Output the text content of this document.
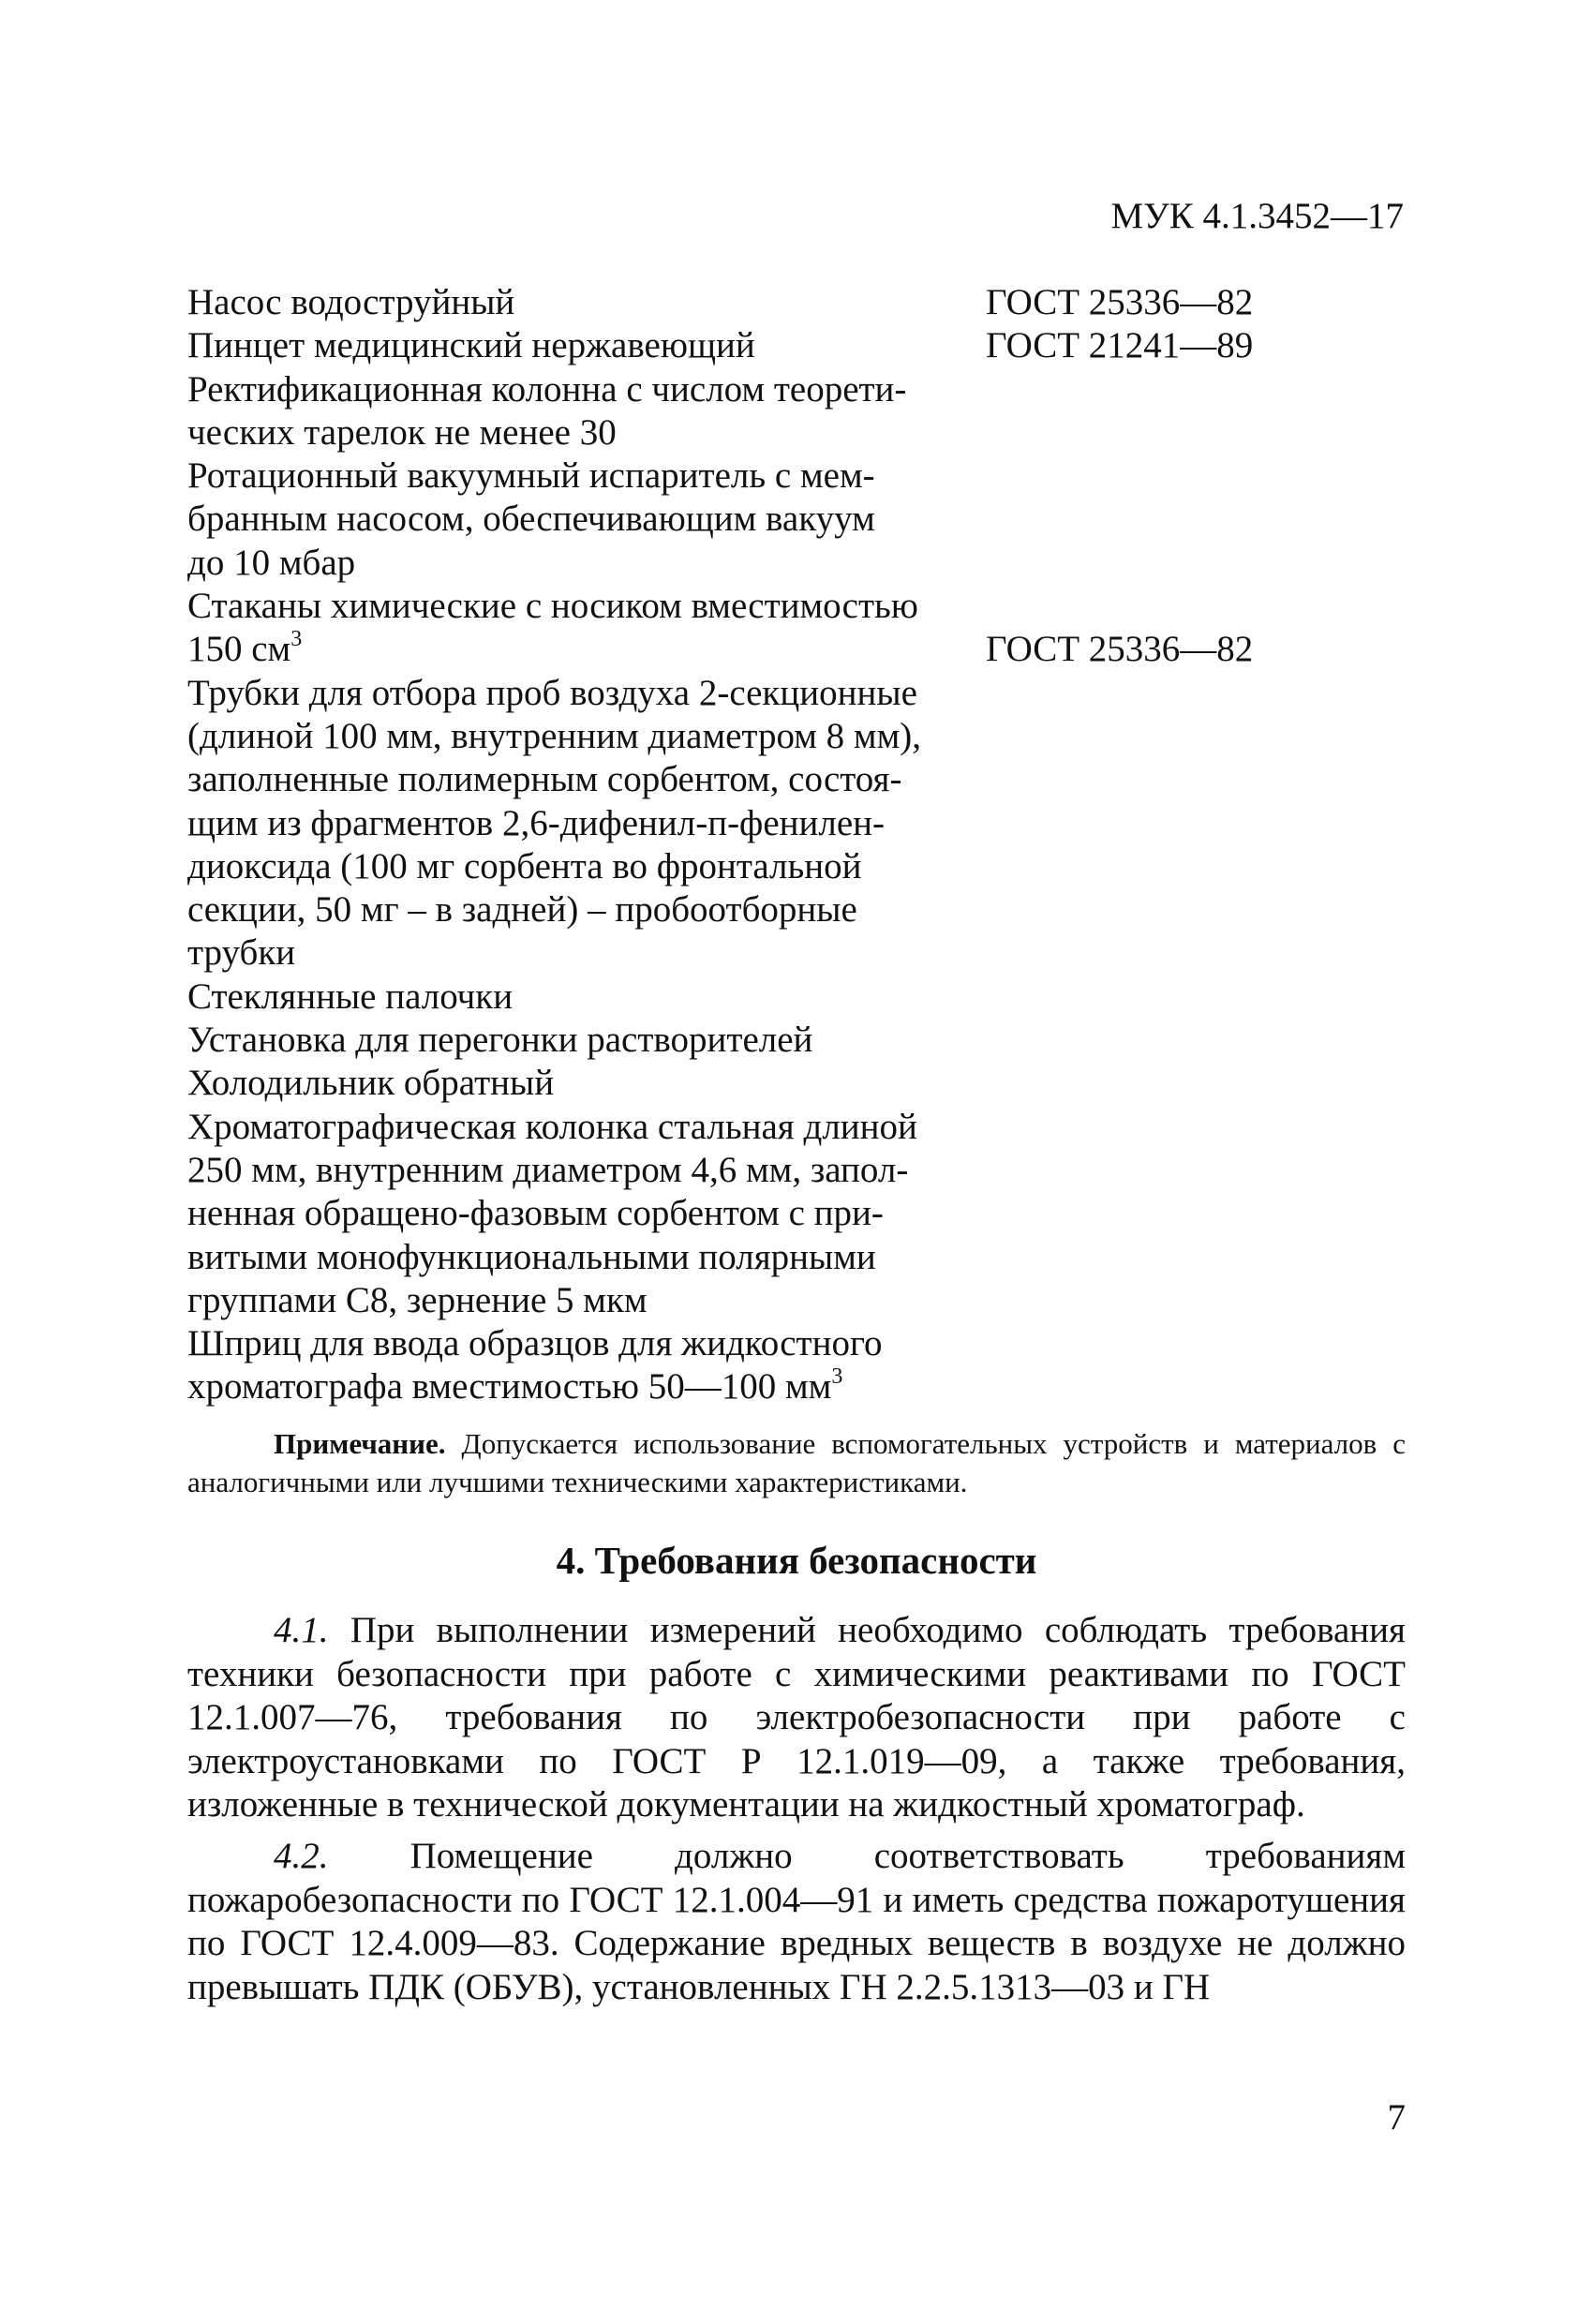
МУК 4.1.3452—17
Насос водоструйный	ГОСТ 25336—82
Пинцет медицинский нержавеющий	ГОСТ 21241—89
Ректификационная колонна с числом теорети-
ческих тарелок не менее 30
Ротационный вакуумный испаритель с мем-
бранным насосом, обеспечивающим вакуум
до 10 мбар
Стаканы химические с носиком вместимостью
150 $см^3$	ГОСТ 25336—82
Трубки для отбора проб воздуха 2-секционные
(длиной 100 мм, внутренним диаметром 8 мм),
заполненные полимерным сорбентом, состоя-
щим из фрагментов 2,6-дифенил-п-фенилен-
диоксида (100 мг сорбента во фронтальной
секции, 50 мг – в задней) – пробоотборные
трубки
Стеклянные палочки
Установка для перегонки растворителей
Холодильник обратный
Хроматографическая колонка стальная длиной
250 мм, внутренним диаметром 4,6 мм, запол-
ненная обращено-фазовым сорбентом с при-
витыми монофункциональными полярными
группами С8, зернение 5 мкм
Шприц для ввода образцов для жидкостного
хроматографа вместимостью 50—100 $мм^3$

Примечание. Допускается использование вспомогательных устройств и материалов с аналогичными или лучшими техническими характеристиками.

4. Требования безопасности

4.1. При выполнении измерений необходимо соблюдать требования техники безопасности при работе с химическими реактивами по ГОСТ 12.1.007—76, требования по электробезопасности при работе с электроустановками по ГОСТ Р 12.1.019—09, а также требования, изложенные в технической документации на жидкостный хроматограф.

4.2. Помещение должно соответствовать требованиям пожаробезопасности по ГОСТ 12.1.004—91 и иметь средства пожаротушения по ГОСТ 12.4.009—83. Содержание вредных веществ в воздухе не должно превышать ПДК (ОБУВ), установленных ГН 2.2.5.1313—03 и ГН

7
